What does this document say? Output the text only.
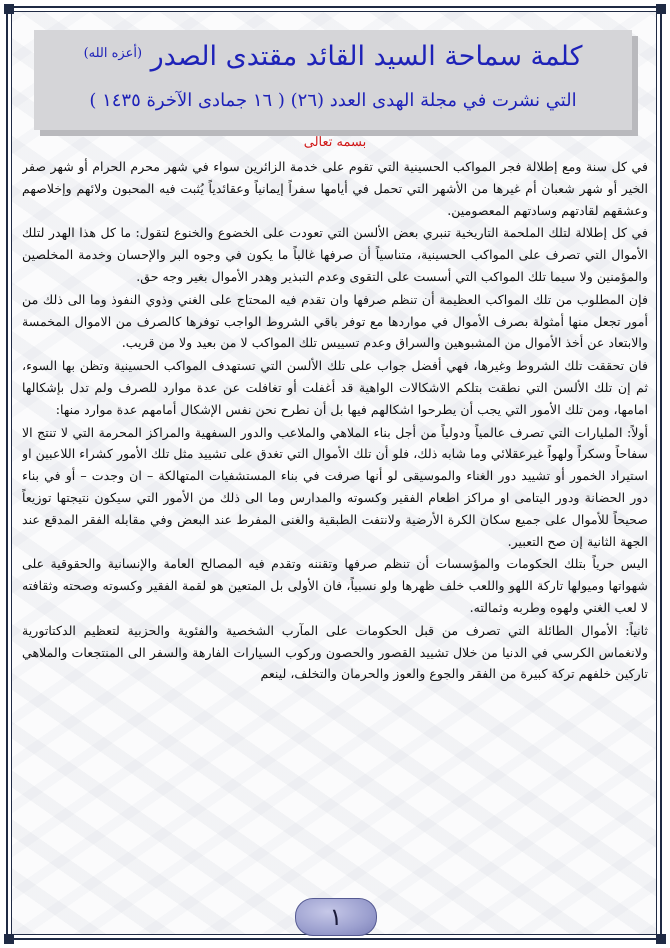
كلمة سماحة السيد القائد مقتدى الصدر $^{(أعزه الله)}$
التي نشرت في مجلة الهدى العدد (٢٦) ( ١٦ جمادى الآخرة ١٤٣٥ )
بسمه تعالى

في كل سنة ومع إطلالة فجر المواكب الحسينية التي تقوم على خدمة الزائرين سواء في شهر محرم الحرام أو شهر صفر الخير أو شهر شعبان أم غيرها من الأشهر التي تحمل في أيامها سفراً إيمانياً وعقائدياً يُثبت فيه المحبون ولائهم وإخلاصهم وعشقهم لقادتهم وسادتهم المعصومين.

في كل إطلالة لتلك الملحمة التاريخية تنبري بعض الألسن التي تعودت على الخضوع والخنوع لتقول: ما كل هذا الهدر لتلك الأموال التي تصرف على المواكب الحسينية، متناسياً أن صرفها غالباً ما يكون في وجوه البر والإحسان وخدمة المخلصين والمؤمنين ولا سيما تلك المواكب التي أسست على التقوى وعدم التبذير وهدر الأموال بغير وجه حق.

فإن المطلوب من تلك المواكب العظيمة أن تنظم صرفها وان تقدم فيه المحتاج على الغني وذوي النفوذ وما الى ذلك من أمور تجعل منها أمثولة بصرف الأموال في مواردها مع توفر باقي الشروط الواجب توفرها كالصرف من الاموال المخمسة والابتعاد عن أخذ الأموال من المشبوهين والسراق وعدم تسييس تلك المواكب لا من بعيد ولا من قريب.

فان تحققت تلك الشروط وغيرها، فهي أفضل جواب على تلك الألسن التي تستهدف المواكب الحسينية وتظن بها السوء، ثم إن تلك الألسن التي نطقت بتلكم الاشكالات الواهية قد أغفلت أو تغافلت عن عدة موارد للصرف ولم تدل بإشكالها امامها، ومن تلك الأمور التي يجب أن يطرحوا اشكالهم فيها بل أن نطرح نحن نفس الإشكال أمامهم عدة موارد منها:

أولاً: المليارات التي تصرف عالمياً ودولياً من أجل بناء الملاهي والملاعب والدور السفهية والمراكز المحرمة التي لا تنتج الا سفاحاً وسكراً ولهواً غيرعقلائي وما شابه ذلك، فلو أن تلك الأموال التي تغدق على تشييد مثل تلك الأمور كشراء اللاعبين او استيراد الخمور أو تشييد دور الغناء والموسيقى لو أنها صرفت في بناء المستشفيات المتهالكة – ان وجدت – أو في بناء دور الحضانة ودور اليتامى او مراكز اطعام الفقير وكسوته والمدارس وما الى ذلك من الأمور التي سيكون نتيجتها توزيعاً صحيحاً للأموال على جميع سكان الكرة الأرضية ولانتفت الطبقية والغنى المفرط عند البعض وفي مقابله الفقر المدقع عند الجهة الثانية إن صح التعبير.

اليس حرياً بتلك الحكومات والمؤسسات أن تنظم صرفها وتقننه وتقدم فيه المصالح العامة والإنسانية والحقوقية على شهواتها وميولها تاركة اللهو واللعب خلف ظهرها ولو نسبياً، فان الأولى بل المتعين هو لقمة الفقير وكسوته وصحته وثقافته لا لعب الغني ولهوه وطربه وثمالته.

ثانياً: الأموال الطائلة التي تصرف من قبل الحكومات على المآرب الشخصية والفئوية والحزبية لتعظيم الدكتاتورية ولانغماس الكرسي في الدنيا من خلال تشييد القصور والحصون وركوب السيارات الفارهة والسفر الى المنتجعات والملاهي تاركين خلفهم تركة كبيرة من الفقر والجوع والعوز والحرمان والتخلف، لينعم

١
